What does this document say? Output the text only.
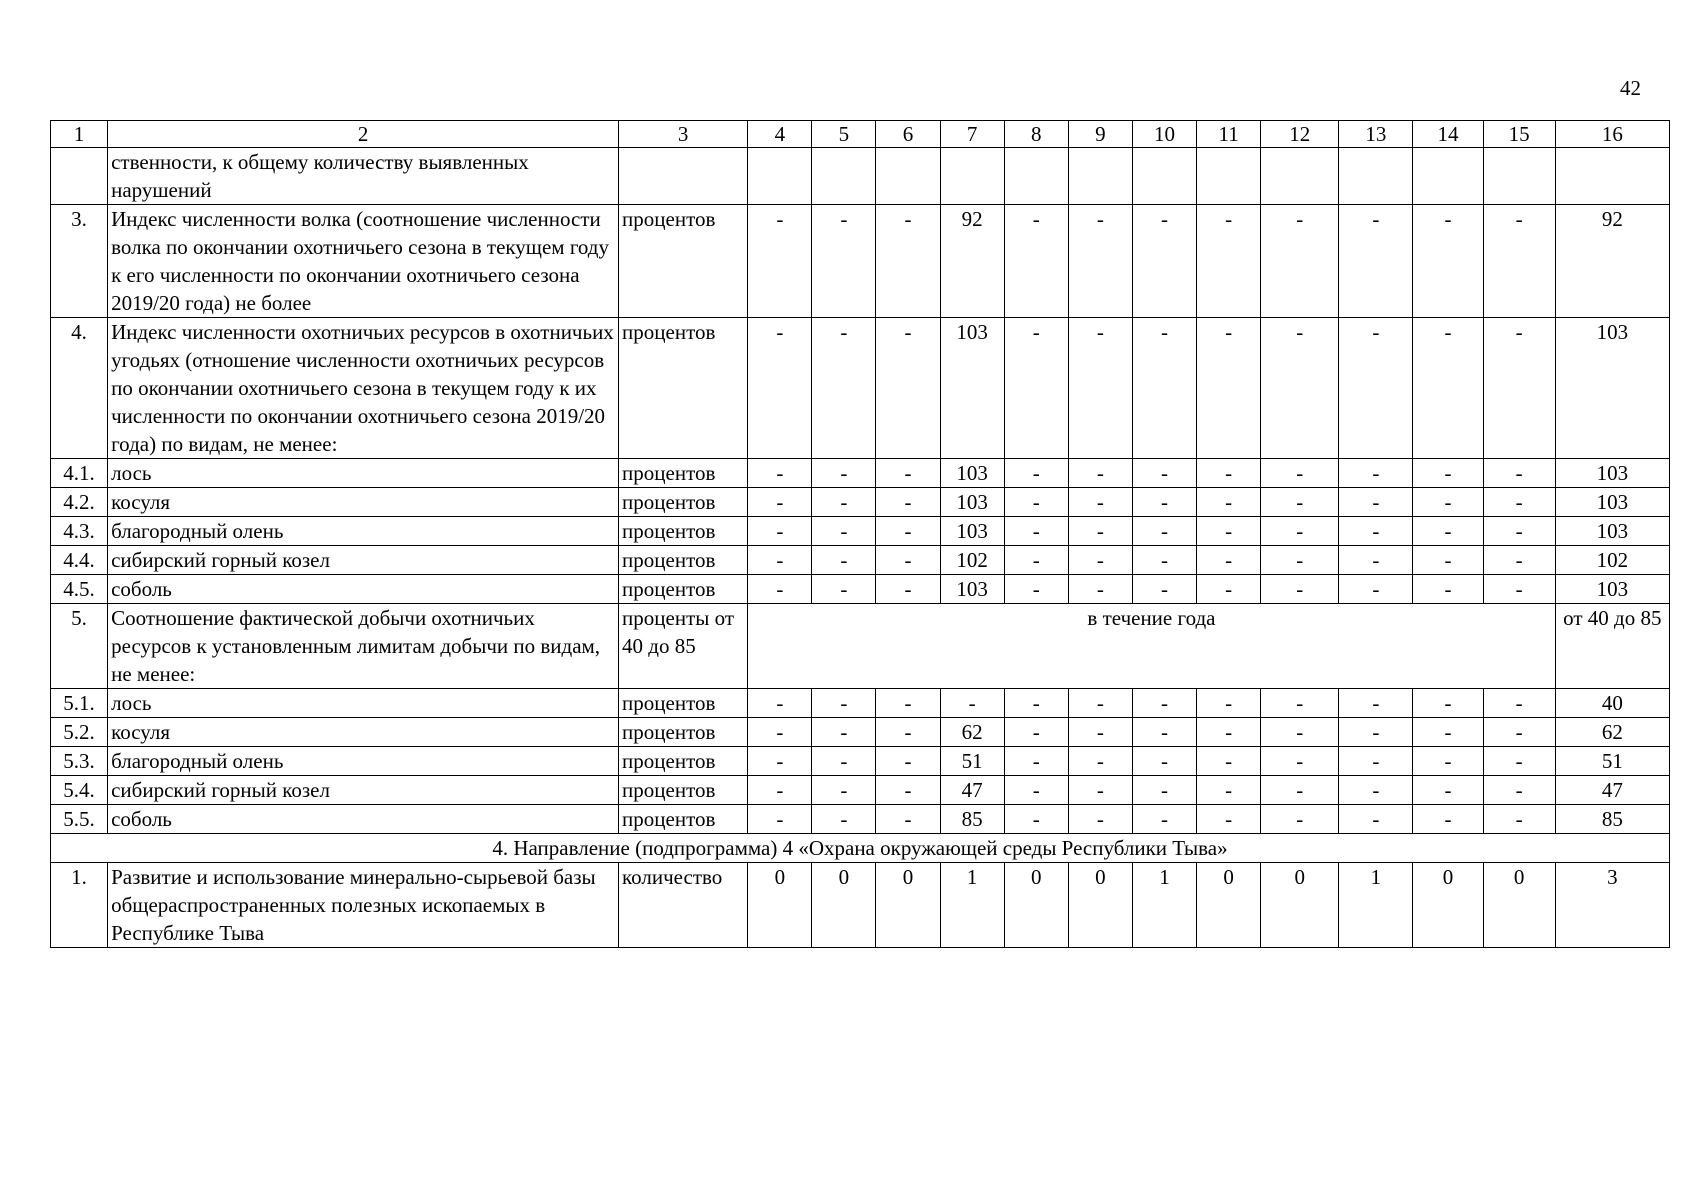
42
1	2	3	4	5	6	7	8	9	10	11	12	13	14	15	16
	ственности, к общему количеству выявленных нарушений														
3.	Индекс численности волка (соотношение численности волка по окончании охотничьего сезона в текущем году к его численности по окончании охотничьего сезона 2019/20 года) не более	процентов	-	-	-	92	-	-	-	-	-	-	-	-	92
4.	Индекс численности охотничьих ресурсов в охотничьих угодьях (отношение численности охотничьих ресурсов по окончании охотничьего сезона в текущем году к их численности по окончании охотничьего сезона 2019/20 года) по видам, не менее:	процентов	-	-	-	103	-	-	-	-	-	-	-	-	103
4.1.	лось	процентов	-	-	-	103	-	-	-	-	-	-	-	-	103
4.2.	косуля	процентов	-	-	-	103	-	-	-	-	-	-	-	-	103
4.3.	благородный олень	процентов	-	-	-	103	-	-	-	-	-	-	-	-	103
4.4.	сибирский горный козел	процентов	-	-	-	102	-	-	-	-	-	-	-	-	102
4.5.	соболь	процентов	-	-	-	103	-	-	-	-	-	-	-	-	103
5.	Соотношение фактической добычи охотничьих ресурсов к установленным лимитам добычи по видам, не менее:	проценты от 40 до 85	в течение года												от 40 до 85
5.1.	лось	процентов	-	-	-	-	-	-	-	-	-	-	-	-	40
5.2.	косуля	процентов	-	-	-	62	-	-	-	-	-	-	-	-	62
5.3.	благородный олень	процентов	-	-	-	51	-	-	-	-	-	-	-	-	51
5.4.	сибирский горный козел	процентов	-	-	-	47	-	-	-	-	-	-	-	-	47
5.5.	соболь	процентов	-	-	-	85	-	-	-	-	-	-	-	-	85
4. Направление (подпрограмма) 4 «Охрана окружающей среды Республики Тыва»															
1.	Развитие и использование минерально-сырьевой базы общераспространенных полезных ископаемых в Республике Тыва	количество	0	0	0	1	0	0	1	0	0	1	0	0	3
